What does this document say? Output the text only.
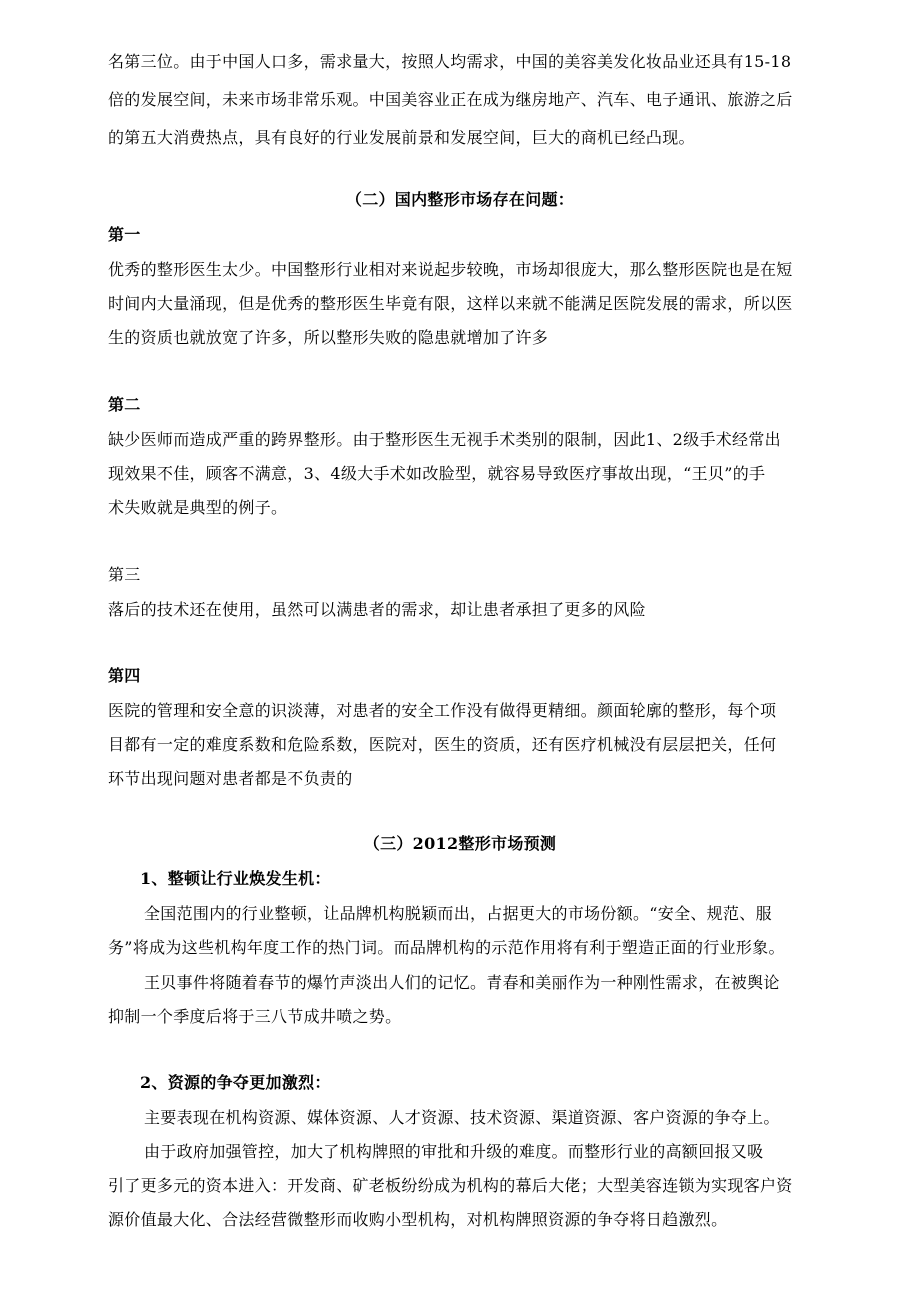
名第三位。由于中国人口多，需求量大，按照人均需求，中国的美容美发化妆品业还具有15-18
倍的发展空间，未来市场非常乐观。中国美容业正在成为继房地产、汽车、电子通讯、旅游之后
的第五大消费热点，具有良好的行业发展前景和发展空间，巨大的商机已经凸现。
（二）国内整形市场存在问题：
第一
优秀的整形医生太少。中国整形行业相对来说起步较晚，市场却很庞大，那么整形医院也是在短
时间内大量涌现，但是优秀的整形医生毕竟有限，这样以来就不能满足医院发展的需求，所以医
生的资质也就放宽了许多，所以整形失败的隐患就增加了许多
第二
缺少医师而造成严重的跨界整形。由于整形医生无视手术类别的限制，因此1、2级手术经常出
现效果不佳，顾客不满意，3、4级大手术如改脸型，就容易导致医疗事故出现，“王贝”的手
术失败就是典型的例子。
第三
落后的技术还在使用，虽然可以满患者的需求，却让患者承担了更多的风险
第四
医院的管理和安全意的识淡薄，对患者的安全工作没有做得更精细。颜面轮廓的整形，每个项
目都有一定的难度系数和危险系数，医院对，医生的资质，还有医疗机械没有层层把关，任何
环节出现问题对患者都是不负责的
（三）2012整形市场预测
1、整顿让行业焕发生机：
全国范围内的行业整顿，让品牌机构脱颖而出，占据更大的市场份额。“安全、规范、服
务”将成为这些机构年度工作的热门词。而品牌机构的示范作用将有利于塑造正面的行业形象。
王贝事件将随着春节的爆竹声淡出人们的记忆。青春和美丽作为一种刚性需求，在被舆论
抑制一个季度后将于三八节成井喷之势。
2、资源的争夺更加激烈：
主要表现在机构资源、媒体资源、人才资源、技术资源、渠道资源、客户资源的争夺上。
由于政府加强管控，加大了机构牌照的审批和升级的难度。而整形行业的高额回报又吸
引了更多元的资本进入：开发商、矿老板纷纷成为机构的幕后大佬；大型美容连锁为实现客户资
源价值最大化、合法经营微整形而收购小型机构，对机构牌照资源的争夺将日趋激烈。
